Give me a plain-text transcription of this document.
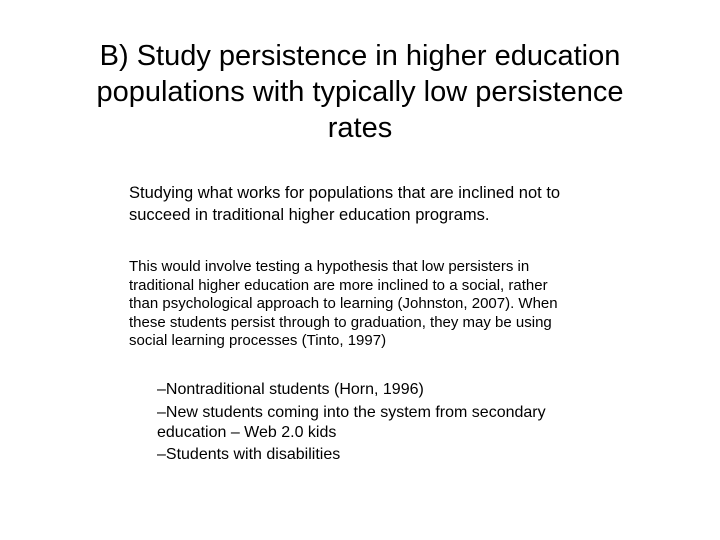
B) Study persistence in higher education
populations with typically low persistence
rates

Studying what works for populations that are inclined not to
succeed in traditional higher education programs.

This would involve testing a hypothesis that low persisters in
traditional higher education are more inclined to a social, rather
than psychological approach to learning (Johnston, 2007). When
these students persist through to graduation, they may be using
social learning processes (Tinto, 1997)

–Nontraditional students (Horn, 1996)
–New students coming into the system from secondary
education – Web 2.0 kids
–Students with disabilities
